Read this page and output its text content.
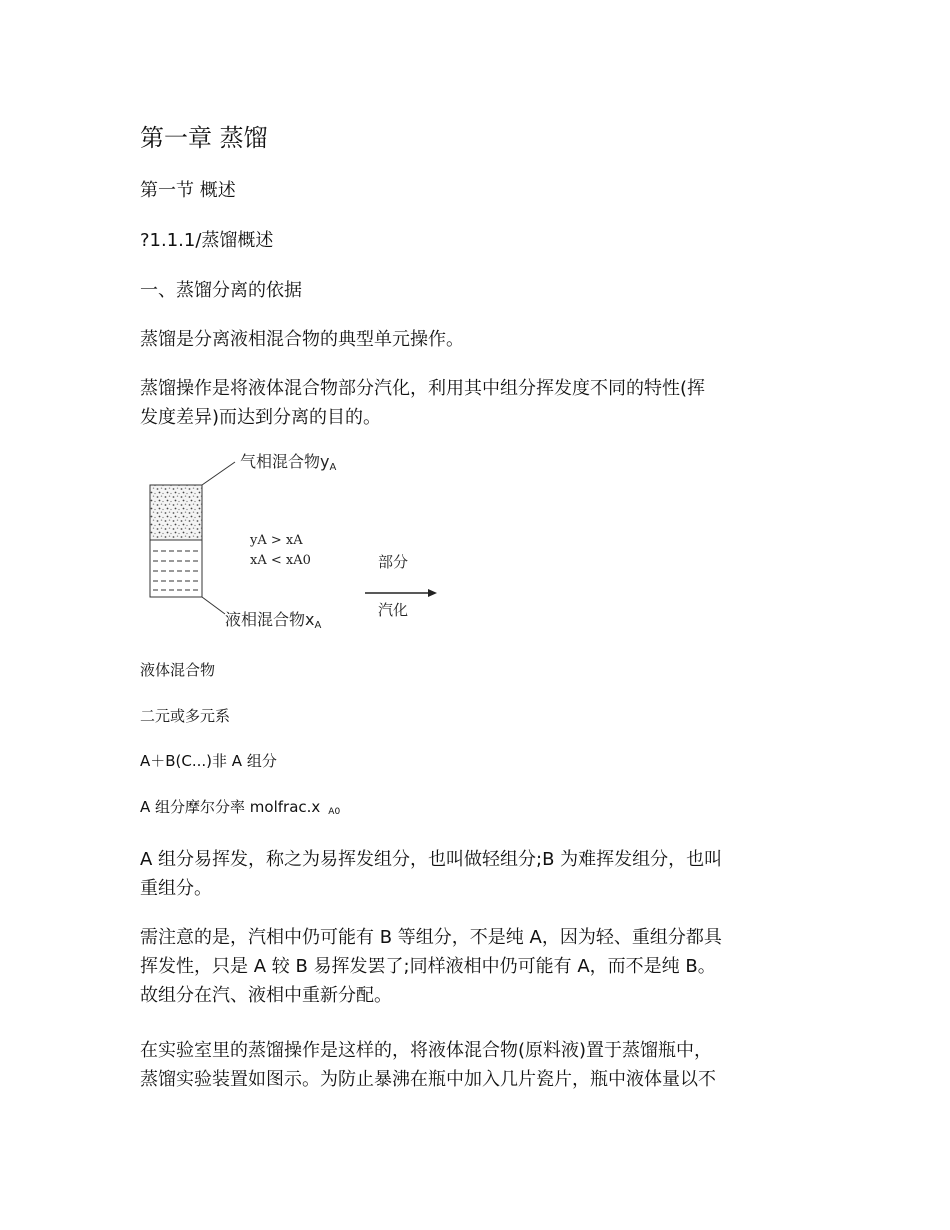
第一章 蒸馏
第一节 概述
?1.1.1/蒸馏概述
一、蒸馏分离的依据
蒸馏是分离液相混合物的典型单元操作。
蒸馏操作是将液体混合物部分汽化，利用其中组分挥发度不同的特性(挥
发度差异)而达到分离的目的。
气相混合物yA
液相混合物xA
yA > xA
xA < xA0	部分
汽化
液体混合物
二元或多元系
A＋B(C...)非 A 组分
A 组分摩尔分率 molfrac.x $_{A0}$
A 组分易挥发，称之为易挥发组分，也叫做轻组分;B 为难挥发组分，也叫
重组分。
需注意的是，汽相中仍可能有 B 等组分，不是纯 A，因为轻、重组分都具
挥发性，只是 A 较 B 易挥发罢了;同样液相中仍可能有 A，而不是纯 B。
故组分在汽、液相中重新分配。
在实验室里的蒸馏操作是这样的，将液体混合物(原料液)置于蒸馏瓶中，
蒸馏实验装置如图示。为防止暴沸在瓶中加入几片瓷片，瓶中液体量以不
